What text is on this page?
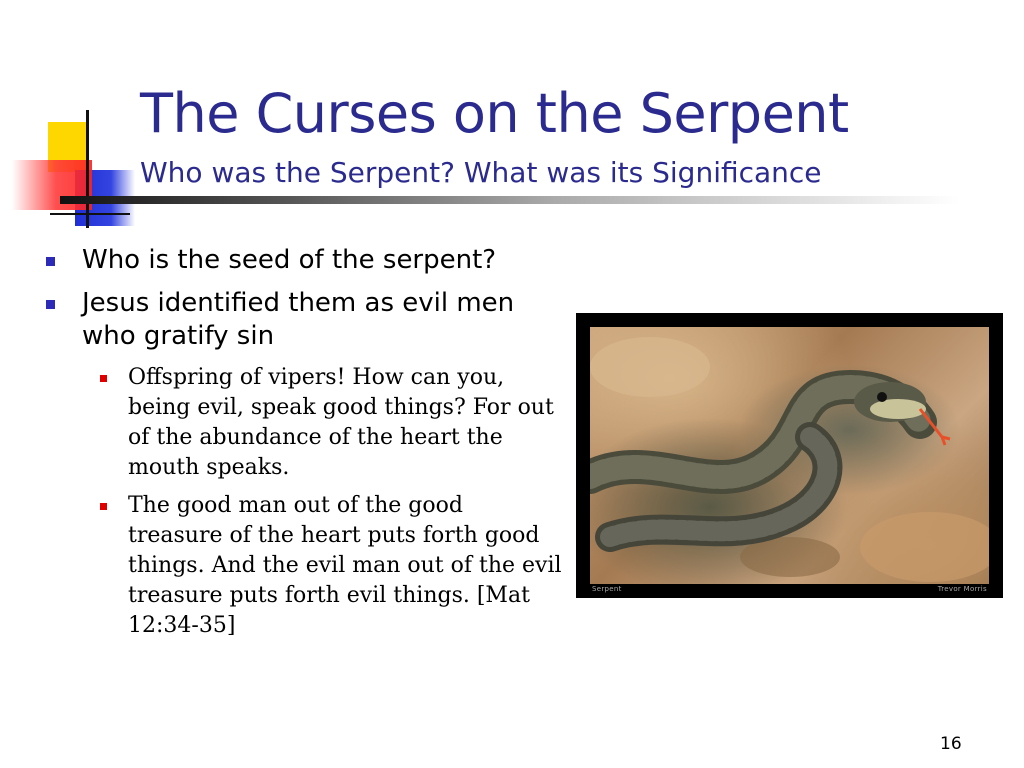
The Curses on the Serpent
Who was the Serpent? What was its Significance
Who is the seed of the serpent?
Jesus identified them as evil men who gratify sin
Offspring of vipers! How can you, being evil, speak good things? For out of the abundance of the heart the mouth speaks.
The good man out of the good treasure of the heart puts forth good things. And the evil man out of the evil treasure puts forth evil things. [Mat 12:34-35]
Serpent	Trevor Morris
16
